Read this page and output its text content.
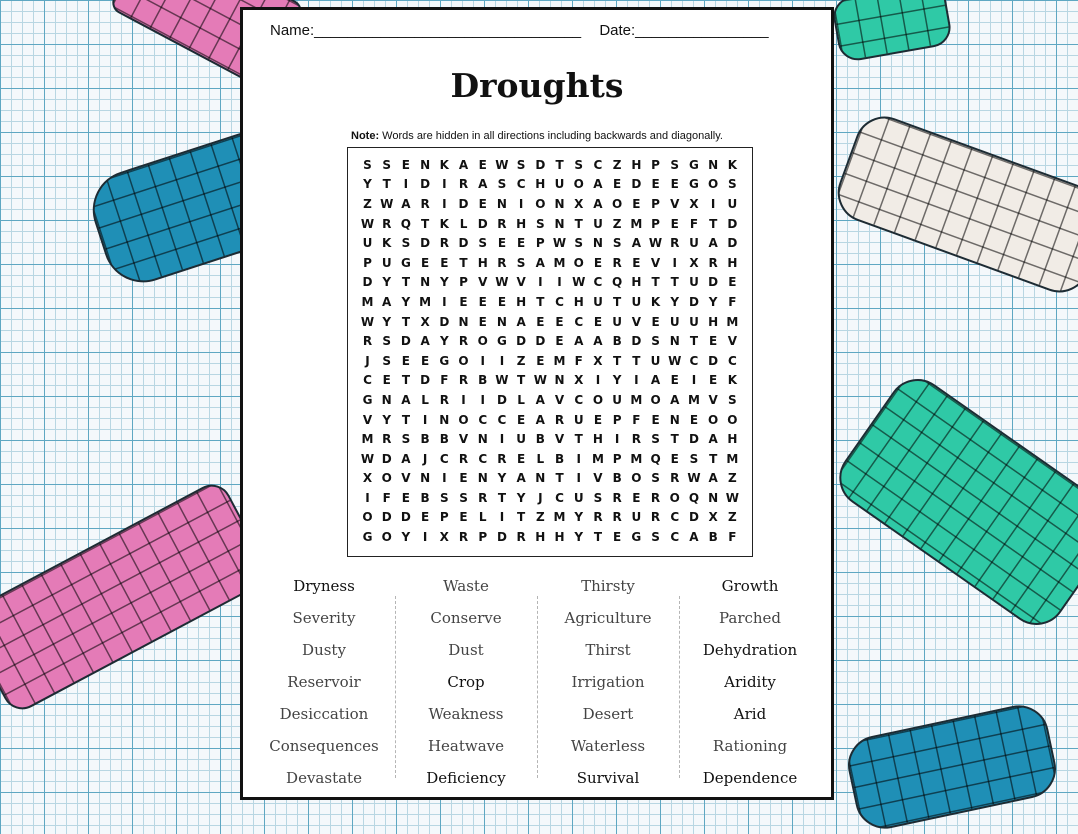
Name:________________________________ Date:________________
Droughts
Note: Words are hidden in all directions including backwards and diagonally.
S S E N K A E W S D T S C Z H P S G N K
Y T	I D I	R A S C H U O A E D E E G O S
Z W A R	I D E N I O N X A O E P V X	I	U
W R Q T K L D R H S N T U Z M P E F T D
U K S D R D S E E P W S N S A W R U A D
P U G E E T H R S A M O E R E V	I	X R H
D Y T N Y P V W V	I	I W C Q H T T U D E
M A Y M I	E E E H T C H U T U K Y D Y F
W Y T X D N E N A E E C E U V E U U H M
R S D A Y R O G D D E A A B D S N T E V
J	S E E G O I	I	Z E M F X T T U W C D C
C E T D F R B W T W N X	I	Y	I	A E	I	E K
G N A L R	I	I D L A V C O U M O A M V S
V Y T	I N O C C E A R U E P F E N E O O
M R S B B V N I	U B V T H I	R S T D A H
W D A	J	C R C R E L B	I M P M Q E S T M
X O V N I	E N Y A N T	I	V B O S R W A Z
I	F E B S S R T Y	J	C U S R E R O Q N W
O D D E P E L	I	T Z M Y R R U R C D X Z
G O Y	I	X R P D R H H Y T E G S C A B F
Dryness
Severity
Dusty
Reservoir
Desiccation
Consequences
Devastate
Waste
Conserve
Dust
Crop
Weakness
Heatwave
Deficiency
Thirsty
Agriculture
Thirst
Irrigation
Desert
Waterless
Survival
Growth
Parched
Dehydration
Aridity
Arid
Rationing
Dependence
